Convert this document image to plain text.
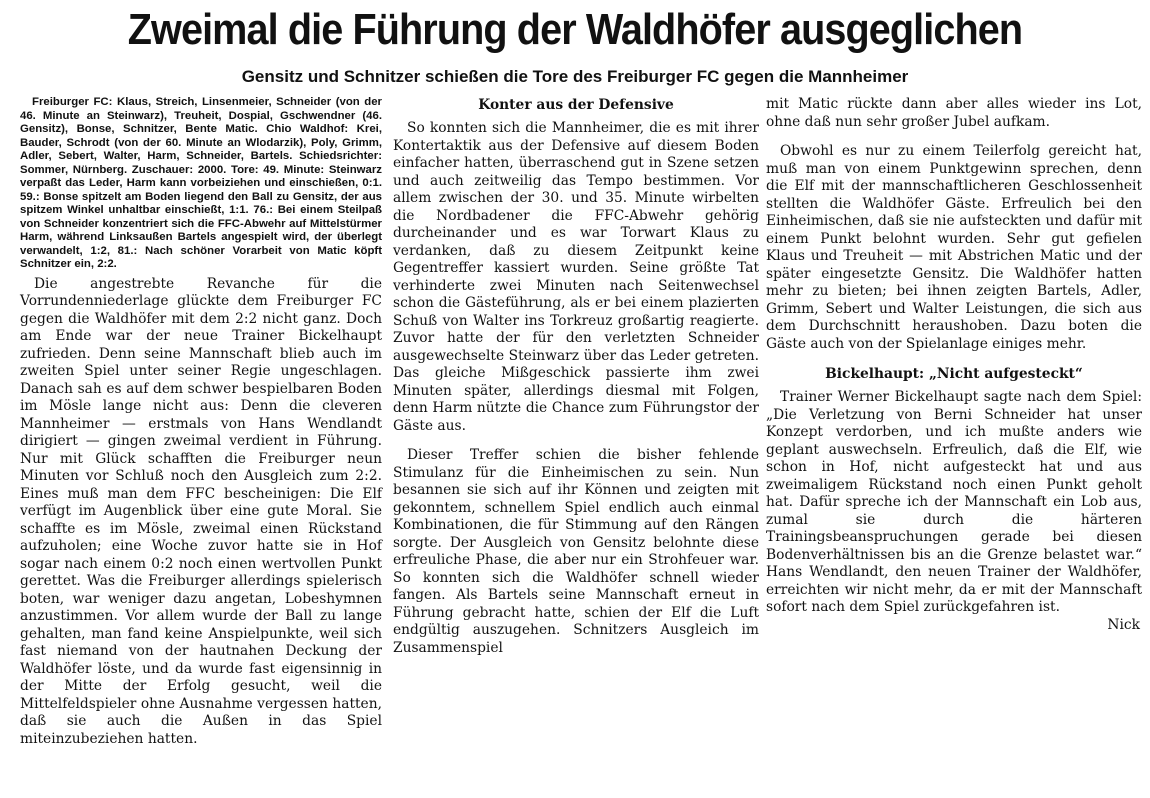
Zweimal die Führung der Waldhöfer ausgeglichen
Gensitz und Schnitzer schießen die Tore des Freiburger FC gegen die Mannheimer

Freiburger FC: Klaus, Streich, Linsenmeier, Schneider (von der 46. Minute an Steinwarz), Treuheit, Dospial, Gschwendner (46. Gensitz), Bonse, Schnitzer, Bente Matic. Chio Waldhof: Krei, Bauder, Schrodt (von der 60. Minute an Wlodarzik), Poly, Grimm, Adler, Sebert, Walter, Harm, Schneider, Bartels. Schiedsrichter: Sommer, Nürnberg. Zuschauer: 2000. Tore: 49. Minute: Steinwarz verpaßt das Leder, Harm kann vorbeiziehen und einschießen, 0:1. 59.: Bonse spitzelt am Boden liegend den Ball zu Gensitz, der aus spitzem Winkel unhaltbar einschießt, 1:1. 76.: Bei einem Steilpaß von Schneider konzentriert sich die FFC-Abwehr auf Mittelstürmer Harm, während Linksaußen Bartels angespielt wird, der überlegt verwandelt, 1:2, 81.: Nach schöner Vorarbeit von Matic köpft Schnitzer ein, 2:2.

Die angestrebte Revanche für die Vorrundenniederlage glückte dem Freiburger FC gegen die Waldhöfer mit dem 2:2 nicht ganz. Doch am Ende war der neue Trainer Bickelhaupt zufrieden. Denn seine Mannschaft blieb auch im zweiten Spiel unter seiner Regie ungeschlagen. Danach sah es auf dem schwer bespielbaren Boden im Mösle lange nicht aus: Denn die cleveren Mannheimer — erstmals von Hans Wendlandt dirigiert — gingen zweimal verdient in Führung. Nur mit Glück schafften die Freiburger neun Minuten vor Schluß noch den Ausgleich zum 2:2. Eines muß man dem FFC bescheinigen: Die Elf verfügt im Augenblick über eine gute Moral. Sie schaffte es im Mösle, zweimal einen Rückstand aufzuholen; eine Woche zuvor hatte sie in Hof sogar nach einem 0:2 noch einen wertvollen Punkt gerettet. Was die Freiburger allerdings spielerisch boten, war weniger dazu angetan, Lobeshymnen anzustimmen. Vor allem wurde der Ball zu lange gehalten, man fand keine Anspielpunkte, weil sich fast niemand von der hautnahen Deckung der Waldhöfer löste, und da wurde fast eigensinnig in der Mitte der Erfolg gesucht, weil die Mittelfeldspieler ohne Ausnahme vergessen hatten, daß sie auch die Außen in das Spiel miteinzubeziehen hatten.

Konter aus der Defensive

So konnten sich die Mannheimer, die es mit ihrer Kontertaktik aus der Defensive auf diesem Boden einfacher hatten, überraschend gut in Szene setzen und auch zeitweilig das Tempo bestimmen. Vor allem zwischen der 30. und 35. Minute wirbelten die Nordbadener die FFC-Abwehr gehörig durcheinander und es war Torwart Klaus zu verdanken, daß zu diesem Zeitpunkt keine Gegentreffer kassiert wurden. Seine größte Tat verhinderte zwei Minuten nach Seitenwechsel schon die Gästeführung, als er bei einem plazierten Schuß von Walter ins Torkreuz großartig reagierte. Zuvor hatte der für den verletzten Schneider ausgewechselte Steinwarz über das Leder getreten. Das gleiche Mißgeschick passierte ihm zwei Minuten später, allerdings diesmal mit Folgen, denn Harm nützte die Chance zum Führungstor der Gäste aus.

Dieser Treffer schien die bisher fehlende Stimulanz für die Einheimischen zu sein. Nun besannen sie sich auf ihr Können und zeigten mit gekonntem, schnellem Spiel endlich auch einmal Kombinationen, die für Stimmung auf den Rängen sorgte. Der Ausgleich von Gensitz belohnte diese erfreuliche Phase, die aber nur ein Strohfeuer war. So konnten sich die Waldhöfer schnell wieder fangen. Als Bartels seine Mannschaft erneut in Führung gebracht hatte, schien der Elf die Luft endgültig auszugehen. Schnitzers Ausgleich im Zusammenspiel

mit Matic rückte dann aber alles wieder ins Lot, ohne daß nun sehr großer Jubel aufkam.

Obwohl es nur zu einem Teilerfolg gereicht hat, muß man von einem Punktgewinn sprechen, denn die Elf mit der mannschaftlicheren Geschlossenheit stellten die Waldhöfer Gäste. Erfreulich bei den Einheimischen, daß sie nie aufsteckten und dafür mit einem Punkt belohnt wurden. Sehr gut gefielen Klaus und Treuheit — mit Abstrichen Matic und der später eingesetzte Gensitz. Die Waldhöfer hatten mehr zu bieten; bei ihnen zeigten Bartels, Adler, Grimm, Sebert und Walter Leistungen, die sich aus dem Durchschnitt heraushoben. Dazu boten die Gäste auch von der Spielanlage einiges mehr.

Bickelhaupt: „Nicht aufgesteckt“

Trainer Werner Bickelhaupt sagte nach dem Spiel: „Die Verletzung von Berni Schneider hat unser Konzept verdorben, und ich mußte anders wie geplant auswechseln. Erfreulich, daß die Elf, wie schon in Hof, nicht aufgesteckt hat und aus zweimaligem Rückstand noch einen Punkt geholt hat. Dafür spreche ich der Mannschaft ein Lob aus, zumal sie durch die härteren Trainingsbeanspruchungen gerade bei diesen Bodenverhältnissen bis an die Grenze belastet war.“ Hans Wendlandt, den neuen Trainer der Waldhöfer, erreichten wir nicht mehr, da er mit der Mannschaft sofort nach dem Spiel zurückgefahren ist.

Nick
